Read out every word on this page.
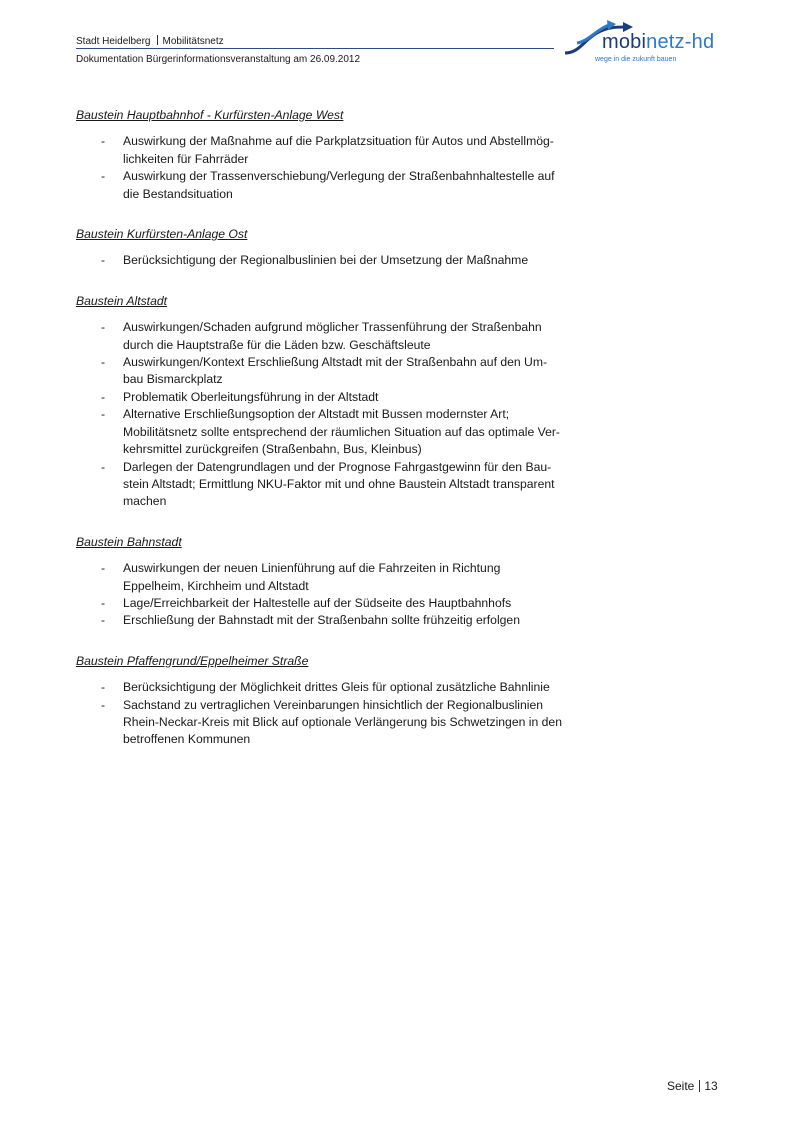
Stadt Heidelberg Mobilitätsnetz
Dokumentation Bürgerinformationsveranstaltung am 26.09.2012
mobinetz-hd
wege in die zukunft bauen
Baustein Hauptbahnhof - Kurfürsten-Anlage West
- Auswirkung der Maßnahme auf die Parkplatzsituation für Autos und Abstellmög-
lichkeiten für Fahrräder
- Auswirkung der Trassenverschiebung/Verlegung der Straßenbahnhaltestelle auf
die Bestandsituation
Baustein Kurfürsten-Anlage Ost
- Berücksichtigung der Regionalbuslinien bei der Umsetzung der Maßnahme
Baustein Altstadt
- Auswirkungen/Schaden aufgrund möglicher Trassenführung der Straßenbahn
durch die Hauptstraße für die Läden bzw. Geschäftsleute
- Auswirkungen/Kontext Erschließung Altstadt mit der Straßenbahn auf den Um-
bau Bismarckplatz
- Problematik Oberleitungsführung in der Altstadt
- Alternative Erschließungsoption der Altstadt mit Bussen modernster Art;
Mobilitätsnetz sollte entsprechend der räumlichen Situation auf das optimale Ver-
kehrsmittel zurückgreifen (Straßenbahn, Bus, Kleinbus)
- Darlegen der Datengrundlagen und der Prognose Fahrgastgewinn für den Bau-
stein Altstadt; Ermittlung NKU-Faktor mit und ohne Baustein Altstadt transparent
machen
Baustein Bahnstadt
- Auswirkungen der neuen Linienführung auf die Fahrzeiten in Richtung
Eppelheim, Kirchheim und Altstadt
- Lage/Erreichbarkeit der Haltestelle auf der Südseite des Hauptbahnhofs
- Erschließung der Bahnstadt mit der Straßenbahn sollte frühzeitig erfolgen
Baustein Pfaffengrund/Eppelheimer Straße
- Berücksichtigung der Möglichkeit drittes Gleis für optional zusätzliche Bahnlinie
- Sachstand zu vertraglichen Vereinbarungen hinsichtlich der Regionalbuslinien
Rhein-Neckar-Kreis mit Blick auf optionale Verlängerung bis Schwetzingen in den
betroffenen Kommunen
Seite 13
